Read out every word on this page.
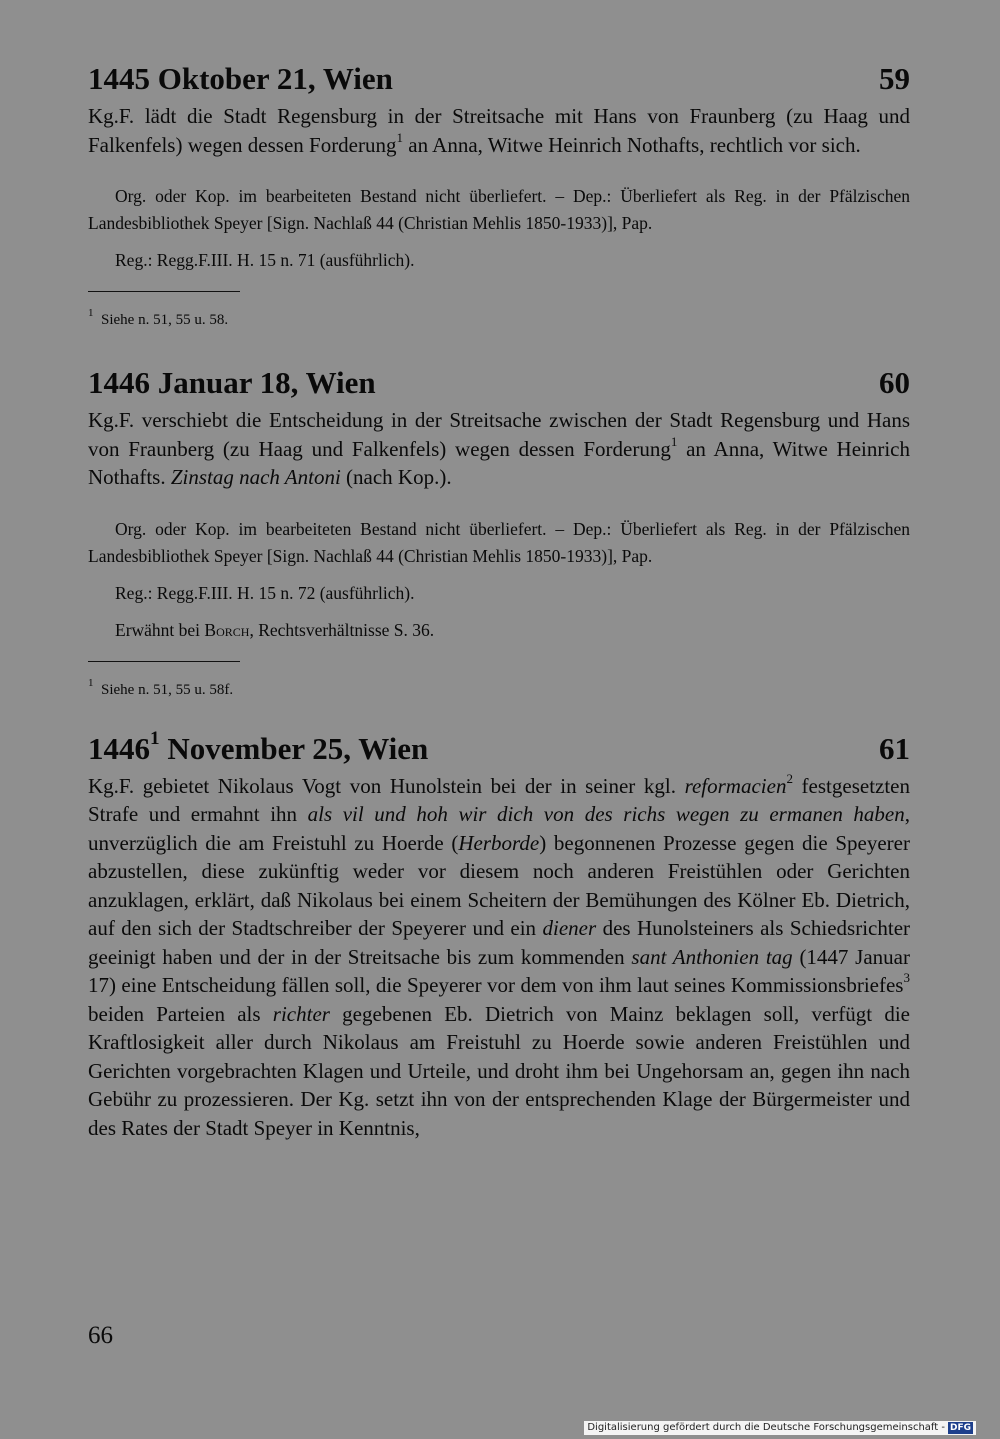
1445 Oktober 21, Wien	59

Kg.F. lädt die Stadt Regensburg in der Streitsache mit Hans von Fraunberg (zu Haag und Falkenfels) wegen dessen Forderung$^1$ an Anna, Witwe Heinrich Nothafts, rechtlich vor sich.

Org. oder Kop. im bearbeiteten Bestand nicht überliefert. – Dep.: Überliefert als Reg. in der Pfälzischen Landesbibliothek Speyer [Sign. Nachlaß 44 (Christian Mehlis 1850-1933)], Pap.

Reg.: Regg.F.III. H. 15 n. 71 (ausführlich).

$^1$ Siehe n. 51, 55 u. 58.

1446 Januar 18, Wien	60

Kg.F. verschiebt die Entscheidung in der Streitsache zwischen der Stadt Regensburg und Hans von Fraunberg (zu Haag und Falkenfels) wegen dessen Forderung$^1$ an Anna, Witwe Heinrich Nothafts. Zinstag nach Antoni (nach Kop.).

Org. oder Kop. im bearbeiteten Bestand nicht überliefert. – Dep.: Überliefert als Reg. in der Pfälzischen Landesbibliothek Speyer [Sign. Nachlaß 44 (Christian Mehlis 1850-1933)], Pap.

Reg.: Regg.F.III. H. 15 n. 72 (ausführlich).

Erwähnt bei Borch, Rechtsverhältnisse S. 36.

$^1$ Siehe n. 51, 55 u. 58f.

1446$^1$ November 25, Wien	61

Kg.F. gebietet Nikolaus Vogt von Hunolstein bei der in seiner kgl. reformacien$^2$ festgesetzten Strafe und ermahnt ihn als vil und hoh wir dich von des richs wegen zu ermanen haben, unverzüglich die am Freistuhl zu Hoerde (Herborde) begonnenen Prozesse gegen die Speyerer abzustellen, diese zukünftig weder vor diesem noch anderen Freistühlen oder Gerichten anzuklagen, erklärt, daß Nikolaus bei einem Scheitern der Bemühungen des Kölner Eb. Dietrich, auf den sich der Stadtschreiber der Speyerer und ein diener des Hunolsteiners als Schiedsrichter geeinigt haben und der in der Streitsache bis zum kommenden sant Anthonien tag (1447 Januar 17) eine Entscheidung fällen soll, die Speyerer vor dem von ihm laut seines Kommissionsbriefes$^3$ beiden Parteien als richter gegebenen Eb. Dietrich von Mainz beklagen soll, verfügt die Kraftlosigkeit aller durch Nikolaus am Freistuhl zu Hoerde sowie anderen Freistühlen und Gerichten vorgebrachten Klagen und Urteile, und droht ihm bei Ungehorsam an, gegen ihn nach Gebühr zu prozessieren. Der Kg. setzt ihn von der entsprechenden Klage der Bürgermeister und des Rates der Stadt Speyer in Kenntnis,

66
Digitalisierung gefördert durch die Deutsche Forschungsgemeinschaft - DFG
